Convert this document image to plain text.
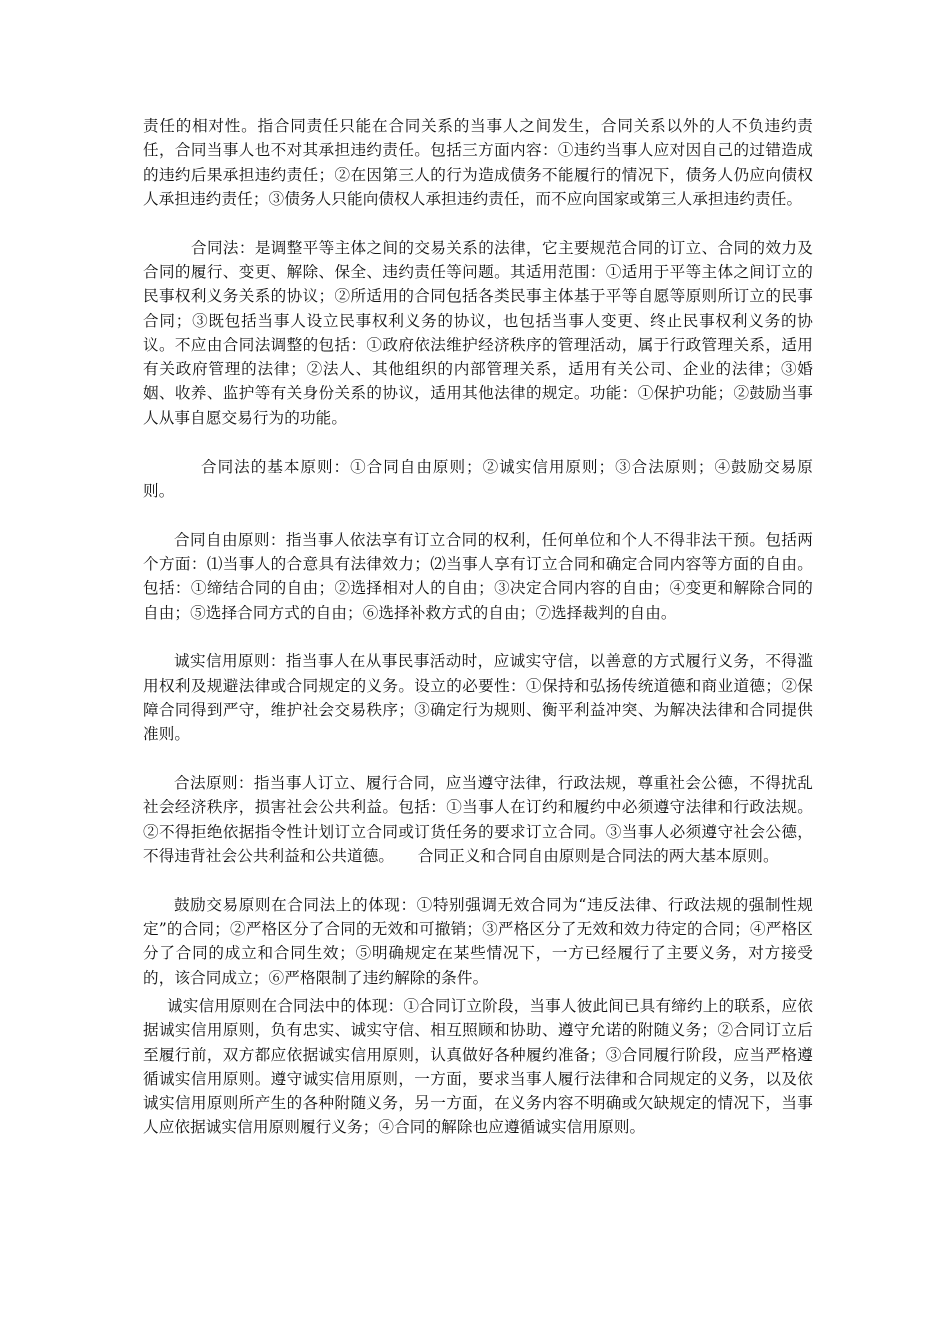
责任的相对性。指合同责任只能在合同关系的当事人之间发生，合同关系以外的人不负违约责任，合同当事人也不对其承担违约责任。包括三方面内容：①违约当事人应对因自己的过错造成的违约后果承担违约责任；②在因第三人的行为造成债务不能履行的情况下，债务人仍应向债权人承担违约责任；③债务人只能向债权人承担违约责任，而不应向国家或第三人承担违约责任。

合同法：是调整平等主体之间的交易关系的法律，它主要规范合同的订立、合同的效力及合同的履行、变更、解除、保全、违约责任等问题。其适用范围：①适用于平等主体之间订立的民事权利义务关系的协议；②所适用的合同包括各类民事主体基于平等自愿等原则所订立的民事合同；③既包括当事人设立民事权利义务的协议，也包括当事人变更、终止民事权利义务的协议。不应由合同法调整的包括：①政府依法维护经济秩序的管理活动，属于行政管理关系，适用有关政府管理的法律；②法人、其他组织的内部管理关系，适用有关公司、企业的法律；③婚姻、收养、监护等有关身份关系的协议，适用其他法律的规定。功能：①保护功能；②鼓励当事人从事自愿交易行为的功能。

合同法的基本原则：①合同自由原则；②诚实信用原则；③合法原则；④鼓励交易原则。

合同自由原则：指当事人依法享有订立合同的权利，任何单位和个人不得非法干预。包括两个方面：⑴当事人的合意具有法律效力；⑵当事人享有订立合同和确定合同内容等方面的自由。包括：①缔结合同的自由；②选择相对人的自由；③决定合同内容的自由；④变更和解除合同的自由；⑤选择合同方式的自由；⑥选择补救方式的自由；⑦选择裁判的自由。

诚实信用原则：指当事人在从事民事活动时，应诚实守信，以善意的方式履行义务，不得滥用权利及规避法律或合同规定的义务。设立的必要性：①保持和弘扬传统道德和商业道德；②保障合同得到严守，维护社会交易秩序；③确定行为规则、衡平利益冲突、为解决法律和合同提供准则。

合法原则：指当事人订立、履行合同，应当遵守法律，行政法规，尊重社会公德，不得扰乱社会经济秩序，损害社会公共利益。包括：①当事人在订约和履约中必须遵守法律和行政法规。②不得拒绝依据指令性计划订立合同或订货任务的要求订立合同。③当事人必须遵守社会公德，不得违背社会公共利益和公共道德。　　合同正义和合同自由原则是合同法的两大基本原则。

鼓励交易原则在合同法上的体现：①特别强调无效合同为“违反法律、行政法规的强制性规定”的合同；②严格区分了合同的无效和可撤销；③严格区分了无效和效力待定的合同；④严格区分了合同的成立和合同生效；⑤明确规定在某些情况下，一方已经履行了主要义务，对方接受的，该合同成立；⑥严格限制了违约解除的条件。

诚实信用原则在合同法中的体现：①合同订立阶段，当事人彼此间已具有缔约上的联系，应依据诚实信用原则，负有忠实、诚实守信、相互照顾和协助、遵守允诺的附随义务；②合同订立后至履行前，双方都应依据诚实信用原则，认真做好各种履约准备；③合同履行阶段，应当严格遵循诚实信用原则。遵守诚实信用原则，一方面，要求当事人履行法律和合同规定的义务，以及依诚实信用原则所产生的各种附随义务，另一方面，在义务内容不明确或欠缺规定的情况下，当事人应依据诚实信用原则履行义务；④合同的解除也应遵循诚实信用原则。
